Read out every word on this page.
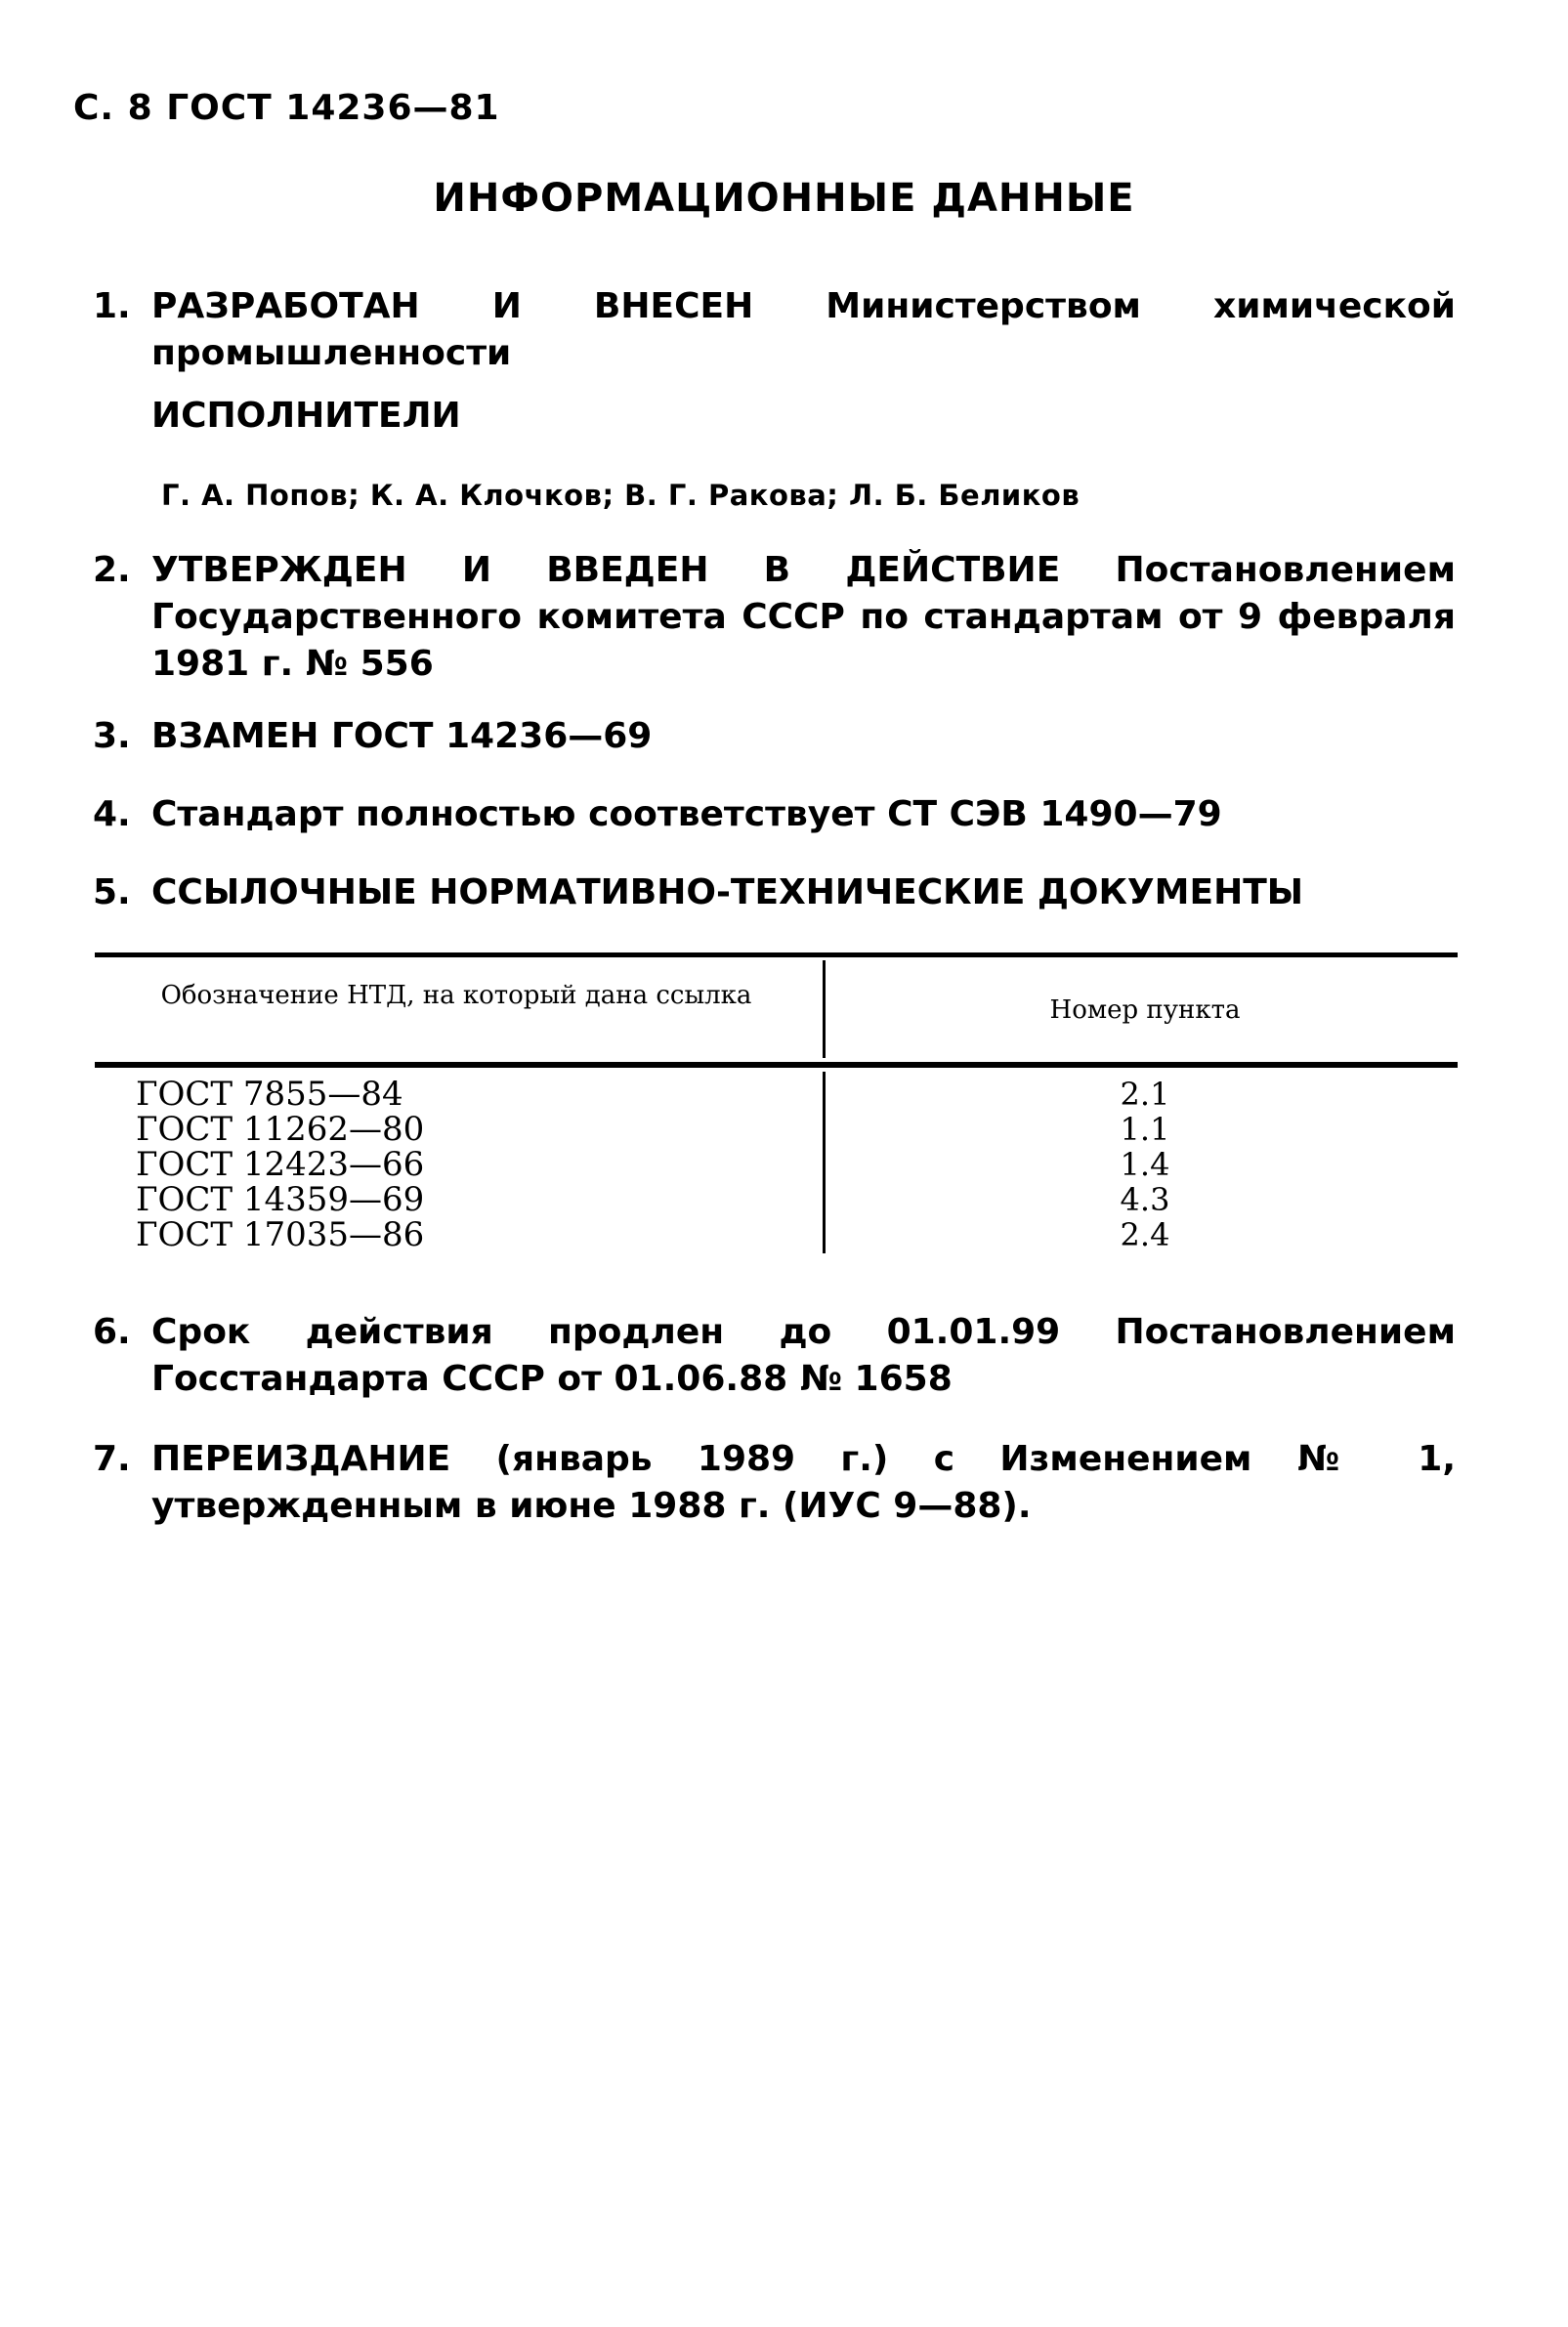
С. 8 ГОСТ 14236—81
ИНФОРМАЦИОННЫЕ ДАННЫЕ
1. РАЗРАБОТАН И ВНЕСЕН Министерством химической промышленности
ИСПОЛНИТЕЛИ
Г. А. Попов; К. А. Клочков; В. Г. Ракова; Л. Б. Беликов
2. УТВЕРЖДЕН И ВВЕДЕН В ДЕЙСТВИЕ Постановлением Государственного комитета СССР по стандартам от 9 февраля 1981 г. № 556
3. ВЗАМЕН ГОСТ 14236—69
4. Стандарт полностью соответствует СТ СЭВ 1490—79
5. ССЫЛОЧНЫЕ НОРМАТИВНО-ТЕХНИЧЕСКИЕ ДОКУМЕНТЫ
Обозначение НТД, на который дана ссылка	Номер пункта
ГОСТ 7855—84
ГОСТ 11262—80
ГОСТ 12423—66
ГОСТ 14359—69
ГОСТ 17035—86
2.1
1.1
1.4
4.3
2.4
6. Срок действия продлен до 01.01.99 Постановлением Госстандарта СССР от 01.06.88 № 1658
7. ПЕРЕИЗДАНИЕ (январь 1989 г.) с Изменением № 1, утвержденным в июне 1988 г. (ИУС 9—88).
